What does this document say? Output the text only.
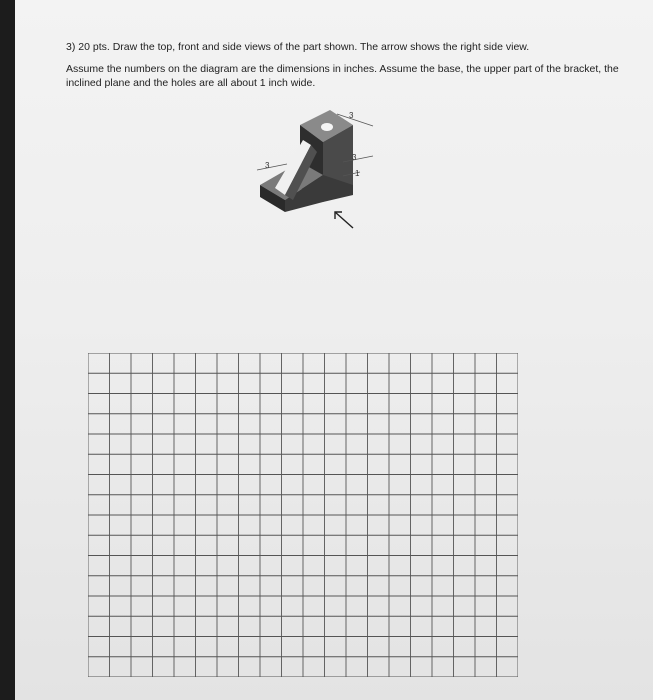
3) 20 pts. Draw the top, front and side views of the part shown. The arrow shows the right side view.
Assume the numbers on the diagram are the dimensions in inches. Assume the base, the upper part of the bracket, the inclined plane and the holes are all about 1 inch wide.
3
3
3
1
